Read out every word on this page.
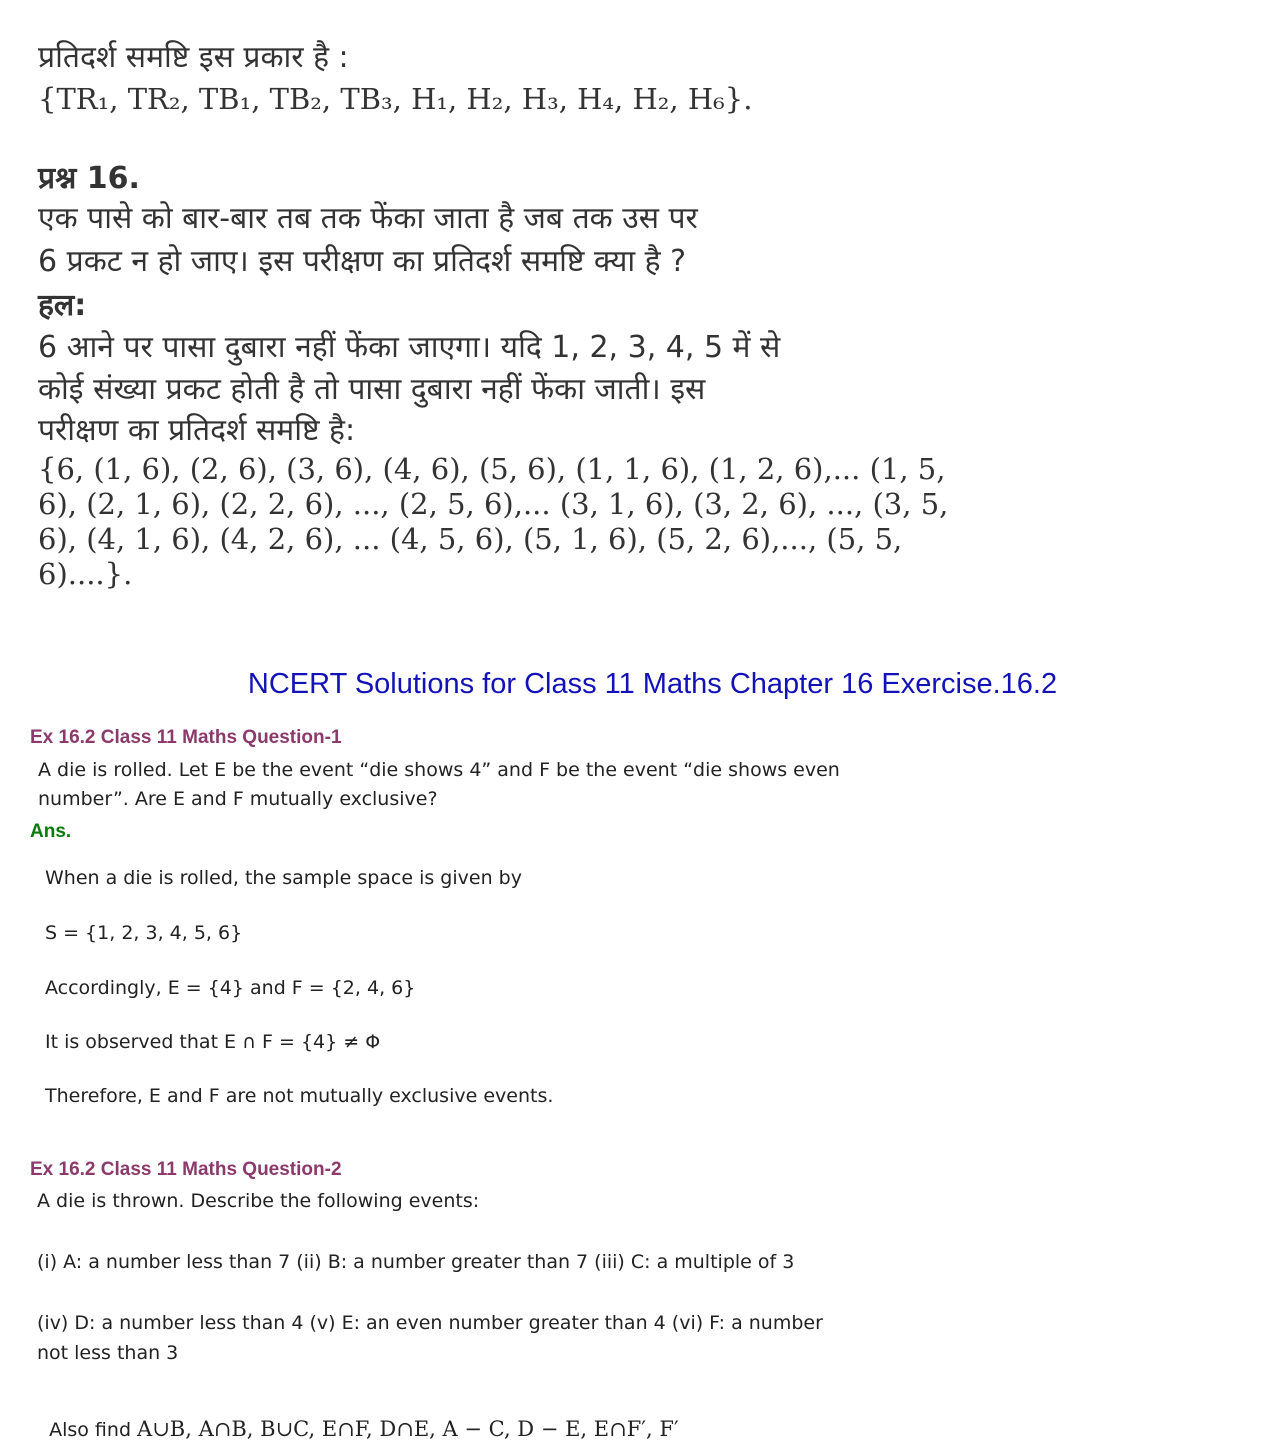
प्रतिदर्श समष्टि इस प्रकार है :
{TR₁, TR₂, TB₁, TB₂, TB₃, H₁, H₂, H₃, H₄, H₂, H₆}.
प्रश्न 16.
एक पासे को बार-बार तब तक फेंका जाता है जब तक उस पर
6 प्रकट न हो जाए। इस परीक्षण का प्रतिदर्श समष्टि क्या है ?
हल:
6 आने पर पासा दुबारा नहीं फेंका जाएगा। यदि 1, 2, 3, 4, 5 में से
कोई संख्या प्रकट होती है तो पासा दुबारा नहीं फेंका जाती। इस
परीक्षण का प्रतिदर्श समष्टि है:
{6, (1, 6), (2, 6), (3, 6), (4, 6), (5, 6), (1, 1, 6), (1, 2, 6),... (1, 5,
6), (2, 1, 6), (2, 2, 6), ..., (2, 5, 6),... (3, 1, 6), (3, 2, 6), ..., (3, 5,
6), (4, 1, 6), (4, 2, 6), ... (4, 5, 6), (5, 1, 6), (5, 2, 6),..., (5, 5,
6)....}.
NCERT Solutions for Class 11 Maths Chapter 16 Exercise.16.2
Ex 16.2 Class 11 Maths Question-1
A die is rolled. Let E be the event “die shows 4” and F be the event “die shows even
number”. Are E and F mutually exclusive?
Ans.
When a die is rolled, the sample space is given by
S = {1, 2, 3, 4, 5, 6}
Accordingly, E = {4} and F = {2, 4, 6}
It is observed that E ∩ F = {4} ≠ Φ
Therefore, E and F are not mutually exclusive events.
Ex 16.2 Class 11 Maths Question-2
A die is thrown. Describe the following events:
(i) A: a number less than 7 (ii) B: a number greater than 7 (iii) C: a multiple of 3
(iv) D: a number less than 4 (v) E: an even number greater than 4 (vi) F: a number
not less than 3

Also find A∪B, A∩B, B∪C, E∩F, D∩E, A − C, D − E, E∩F′, F′
